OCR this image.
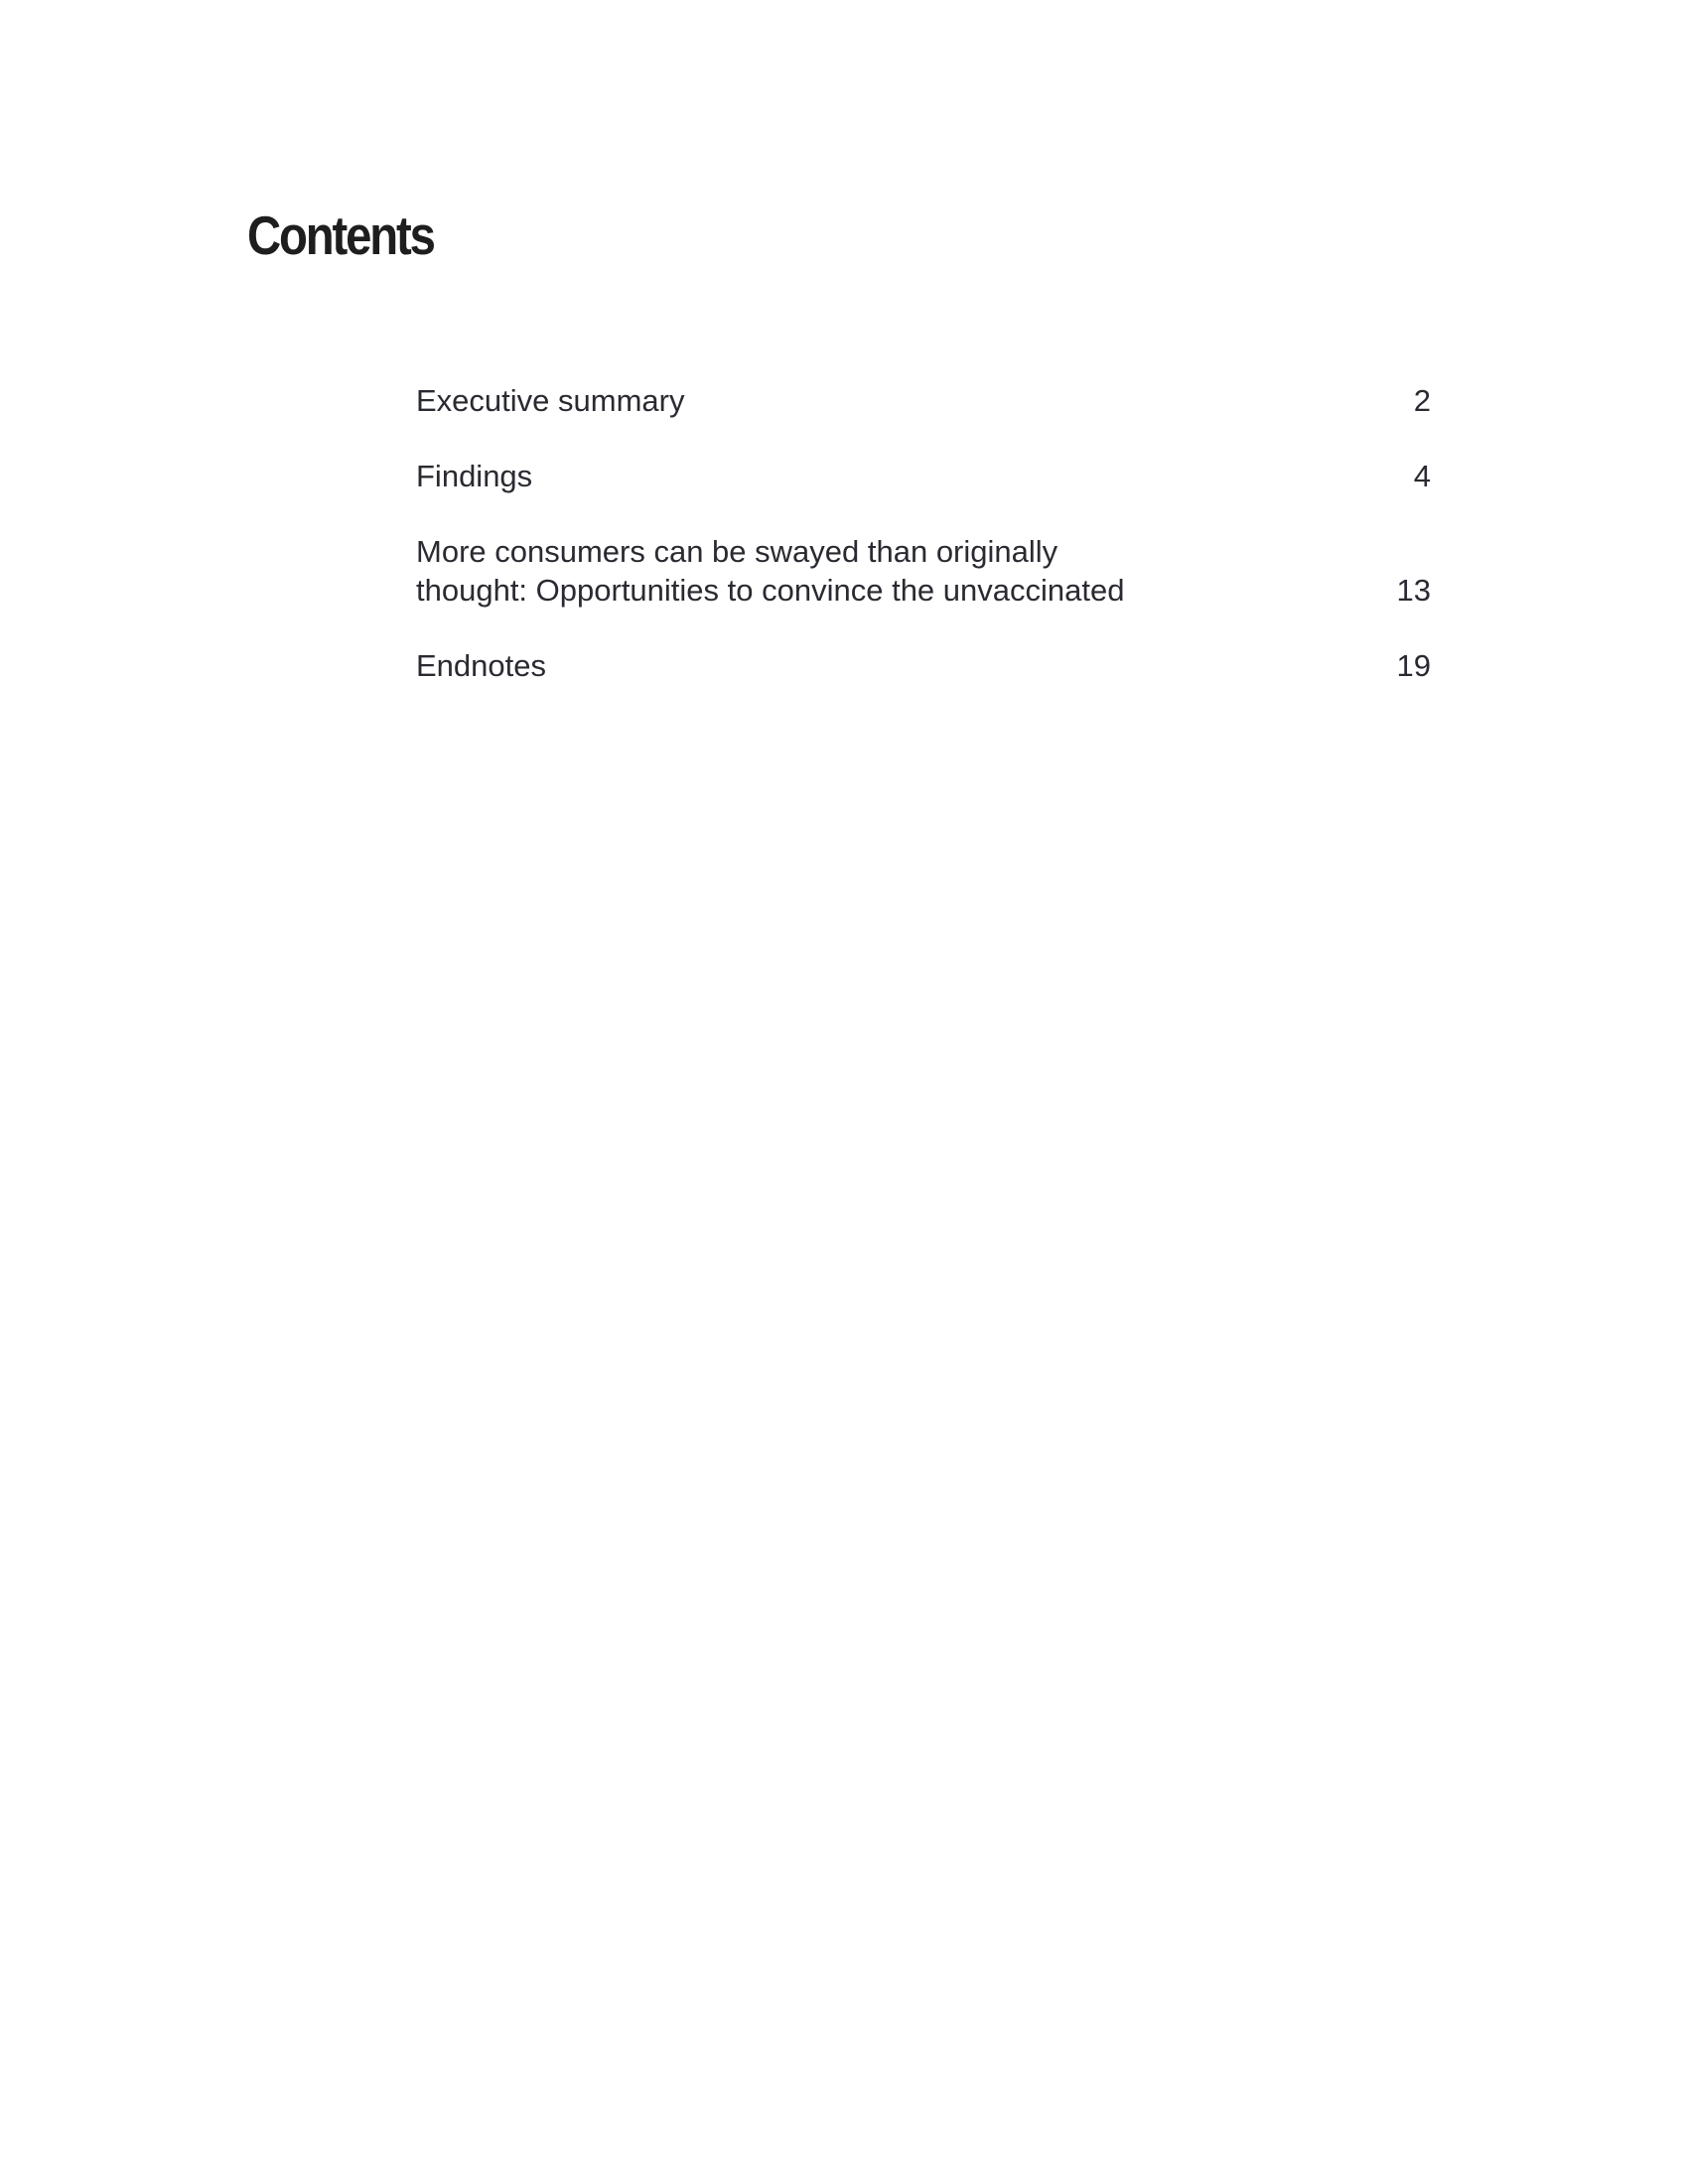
Contents
Executive summary	2
Findings	4
More consumers can be swayed than originally thought: Opportunities to convince the unvaccinated	13
Endnotes	19
